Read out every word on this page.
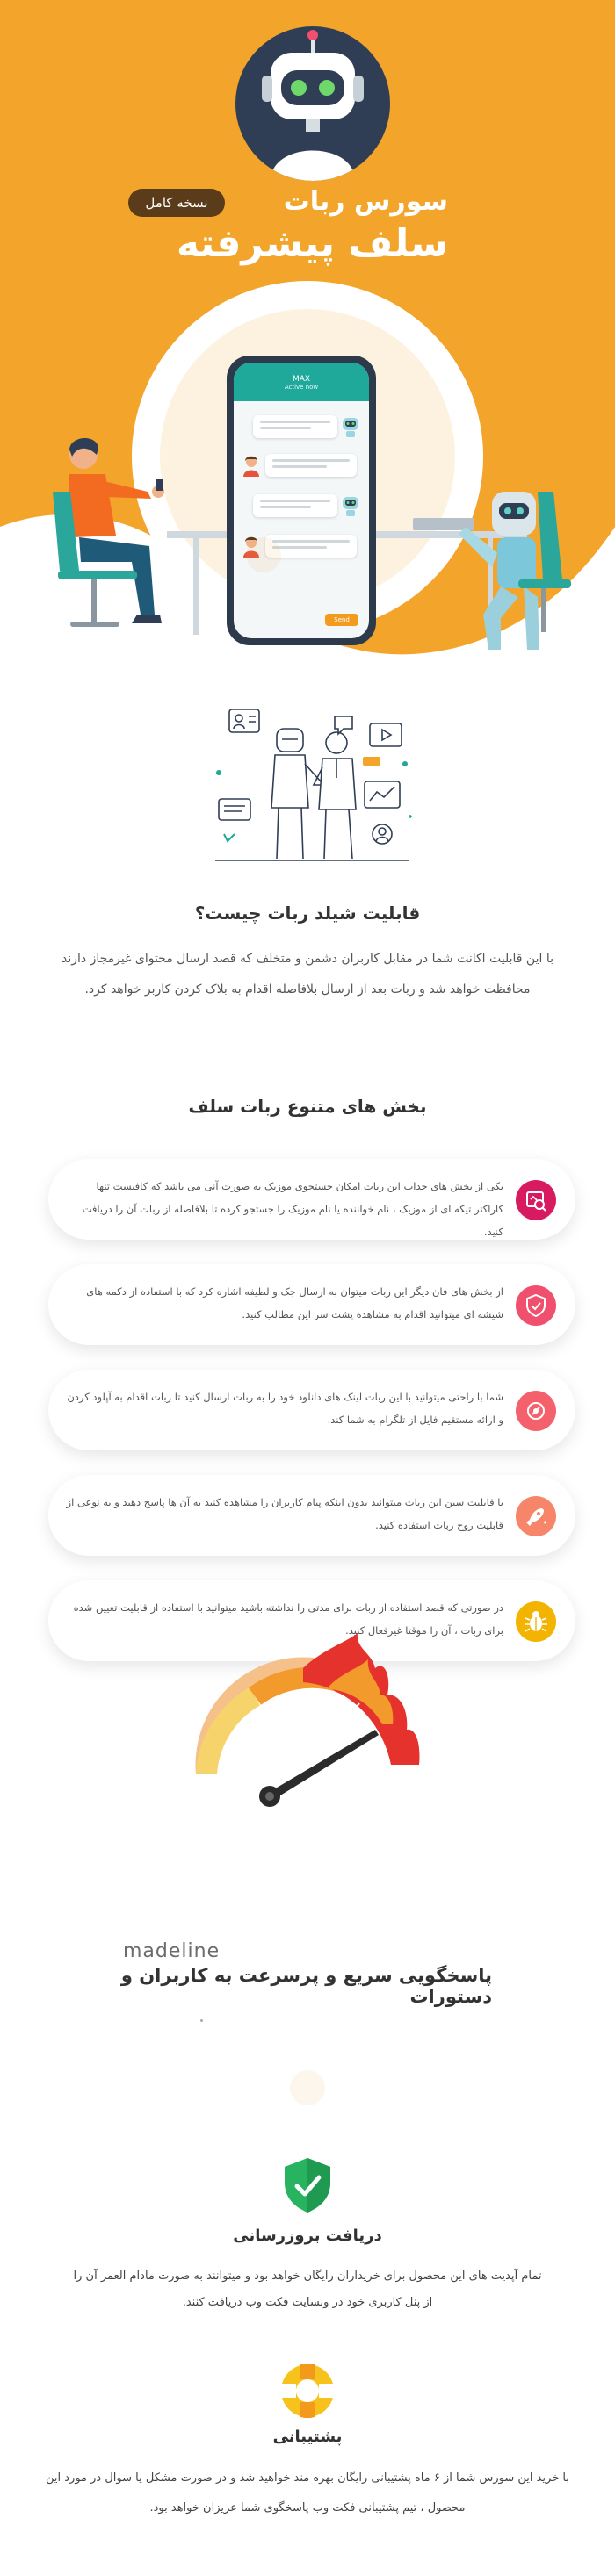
نسخه کامل	سورس ربات
سلف پیشرفته
MAX
Active now
Send
قابلیت شیلد ربات چیست؟

با این قابلیت اکانت شما در مقابل کاربران دشمن و متخلف که قصد ارسال محتوای غیرمجاز دارند محافظت خواهد شد و ربات بعد از ارسال بلافاصله اقدام به بلاک کردن کاربر خواهد کرد.

بخش های متنوع ربات سلف

یکی از بخش های جذاب این ربات امکان جستجوی موزیک به صورت آنی می باشد که کافیست تنها کاراکتر تیکه ای از موزیک ، نام خواننده یا نام موزیک را جستجو کرده تا بلافاصله از ربات آن را دریافت کنید.

از بخش های فان دیگر این ربات میتوان به ارسال جک و لطیفه اشاره کرد که با استفاده از دکمه های شیشه ای میتوانید اقدام به مشاهده پشت سر این مطالب کنید.

شما با راحتی میتوانید با این ربات لینک های دانلود خود را به ربات ارسال کنید تا ربات اقدام به آپلود کردن و ارائه مستقیم فایل از تلگرام به شما کند.

با قابلیت سین این ربات میتوانید بدون اینکه پیام کاربران را مشاهده کنید به آن ها پاسخ دهید و به نوعی از قابلیت روح ربات استفاده کنید.

در صورتی که قصد استفاده از ربات برای مدتی را نداشته باشید میتوانید با استفاده از قابلیت تعیین شده برای ربات ، آن را موقتا غیرفعال کنید.

madeline
پاسخگویی سریع و پرسرعت به کاربران و دستورات
دریافت بروزرسانی

تمام آپدیت های این محصول برای خریداران رایگان خواهد بود و میتوانند به صورت مادام العمر آن را از پنل کاربری خود در وبسایت فکت وب دریافت کنند.

پشتیبانی

با خرید این سورس شما از ۶ ماه پشتیبانی رایگان بهره مند خواهید شد و در صورت مشکل یا سوال در مورد این محصول ، تیم پشتیبانی فکت وب پاسخگوی شما عزیزان خواهد بود.
